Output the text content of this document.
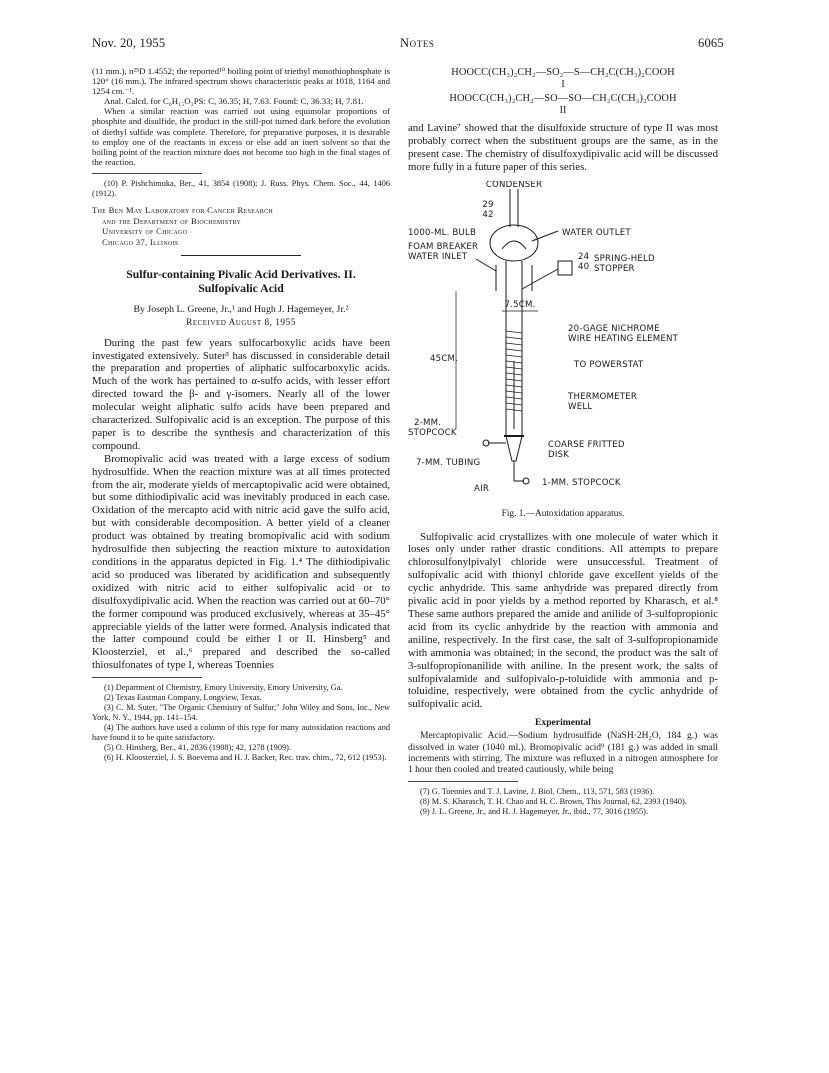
Nov. 20, 1955	Notes	6065

(11 mm.), n²⁵D 1.4552; the reported¹⁰ boiling point of triethyl monothiophosphate is 120° (16 mm.). The infrared spectrum shows characteristic peaks at 1018, 1164 and 1254 cm.⁻¹.

Anal. Calcd. for C₆H₁₅O₃PS: C, 36.35; H, 7.63. Found: C, 36.33; H, 7.81.

When a similar reaction was carried out using equimolar proportions of phosphite and disulfide, the product in the still-pot turned dark before the evolution of diethyl sulfide was complete. Therefore, for preparative purposes, it is desirable to employ one of the reactants in excess or else add an inert solvent so that the boiling point of the reaction mixture does not become too high in the final stages of the reaction.

(10) P. Pishchimuka, Ber., 41, 3854 (1908); J. Russ. Phys. Chem. Soc., 44, 1406 (1912).

The Ben May Laboratory for Cancer Research
and the Department of Biochemistry
University of Chicago
Chicago 37, Illinois
Sulfur-containing Pivalic Acid Derivatives. II.
Sulfopivalic Acid
By Joseph L. Greene, Jr.,¹ and Hugh J. Hagemeyer, Jr.²
Received August 8, 1955

During the past few years sulfocarboxylic acids have been investigated extensively. Suter³ has discussed in considerable detail the preparation and properties of aliphatic sulfocarboxylic acids. Much of the work has pertained to α-sulfo acids, with lesser effort directed toward the β- and γ-isomers. Nearly all of the lower molecular weight aliphatic sulfo acids have been prepared and characterized. Sulfopivalic acid is an exception. The purpose of this paper is to describe the synthesis and characterization of this compound.

Bromopivalic acid was treated with a large excess of sodium hydrosulfide. When the reaction mixture was at all times protected from the air, moderate yields of mercaptopivalic acid were obtained, but some dithiodipivalic acid was inevitably produced in each case. Oxidation of the mercapto acid with nitric acid gave the sulfo acid, but with considerable decomposition. A better yield of a cleaner product was obtained by treating bromopivalic acid with sodium hydrosulfide then subjecting the reaction mixture to autoxidation conditions in the apparatus depicted in Fig. 1.⁴ The dithiodipivalic acid so produced was liberated by acidification and subsequently oxidized with nitric acid to either sulfopivalic acid or to disulfoxydipivalic acid. When the reaction was carried out at 60–70° the former compound was produced exclusively, whereas at 35–45° appreciable yields of the latter were formed. Analysis indicated that the latter compound could be either I or II. Hinsberg⁵ and Kloosterziel, et al.,⁶ prepared and described the so-called thiosulfonates of type I, whereas Toennies

(1) Department of Chemistry, Emory University, Emory University, Ga.

(2) Texas Eastman Company, Longview, Texas.

(3) C. M. Suter, "The Organic Chemistry of Sulfur," John Wiley and Sons, Inc., New York, N. Y., 1944, pp. 141–154.

(4) The authors have used a column of this type for many autoxidation reactions and have found it to be quite satisfactory.

(5) O. Hinsberg, Ber., 41, 2836 (1908); 42, 1278 (1909).

(6) H. Kloosterziel, J. S. Boevema and H. J. Backer, Rec. trav. chim., 72, 612 (1953).

HOOCC(CH₃)₂CH₂—SO₂—S—CH₂C(CH₃)₂COOH
I
HOOCC(CH₃)₂CH₂—SO—SO—CH₂C(CH₃)₂COOH
II

and Lavine⁷ showed that the disulfoxide structure of type II was most probably correct when the substituent groups are the same, as in the present case. The chemistry of disulfoxydipivalic acid will be discussed more fully in a future paper of this series.

CONDENSER
29
42
1000-ML. BULB	WATER OUTLET
FOAM BREAKER
WATER INLET	24
40
SPRING-HELD
STOPPER
7.5CM.
45CM.
20-GAGE NICHROME
WIRE HEATING ELEMENT
TO POWERSTAT
THERMOMETER
WELL
2-MM.
STOPCOCK
COARSE FRITTED
DISK
7-MM. TUBING
AIR
1-MM. STOPCOCK
Fig. 1.—Autoxidation apparatus.

Sulfopivalic acid crystallizes with one molecule of water which it loses only under rather drastic conditions. All attempts to prepare chlorosulfonylpivalyl chloride were unsuccessful. Treatment of sulfopivalic acid with thionyl chloride gave excellent yields of the cyclic anhydride. This same anhydride was prepared directly from pivalic acid in poor yields by a method reported by Kharasch, et al.⁸ These same authors prepared the amide and anilide of 3-sulfopropionic acid from its cyclic anhydride by the reaction with ammonia and aniline, respectively. In the first case, the salt of 3-sulfopropionamide with ammonia was obtained; in the second, the product was the salt of 3-sulfopropionanilide with aniline. In the present work, the salts of sulfopivalamide and sulfopivalo-p-toluidide with ammonia and p-toluidine, respectively, were obtained from the cyclic anhydride of sulfopivalic acid.

Experimental

Mercaptopivalic Acid.—Sodium hydrosulfide (NaSH·2H₂O, 184 g.) was dissolved in water (1040 ml.). Bromopivalic acid⁹ (181 g.) was added in small increments with stirring. The mixture was refluxed in a nitrogen atmosphere for 1 hour then cooled and treated cautiously, while being

(7) G. Toennies and T. J. Lavine, J. Biol. Chem., 113, 571, 583 (1936).

(8) M. S. Kharasch, T. H. Chao and H. C. Brown, This Journal, 62, 2393 (1940).

(9) J. L. Greene, Jr., and H. J. Hagemeyer, Jr., ibid., 77, 3016 (1955).
